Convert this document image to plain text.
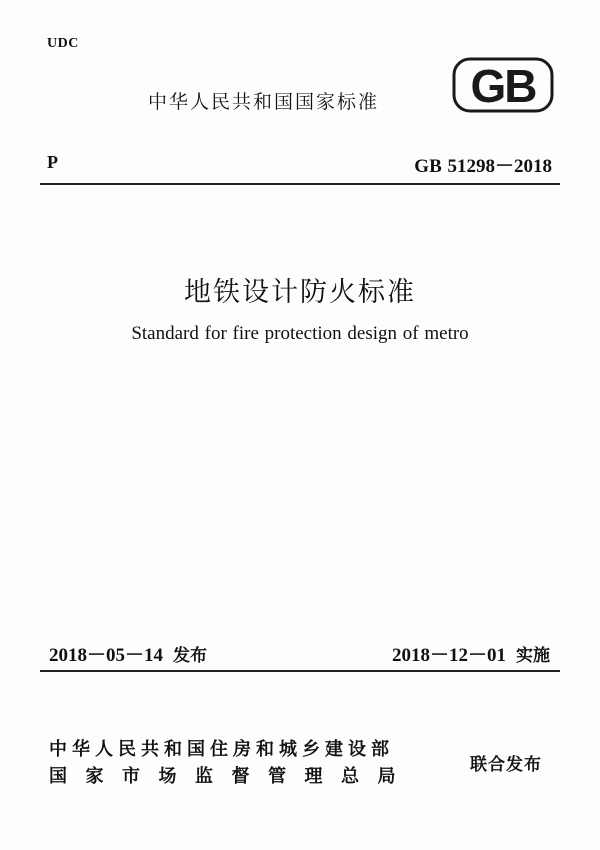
UDC
中华人民共和国国家标准 GB
P	GB 51298－2018
地铁设计防火标准
Standard for fire protection design of metro
2018－05－14 发布	2018－12－01 实施
中华人民共和国住房和城乡建设部
国家市场监督管理总局
联合发布
